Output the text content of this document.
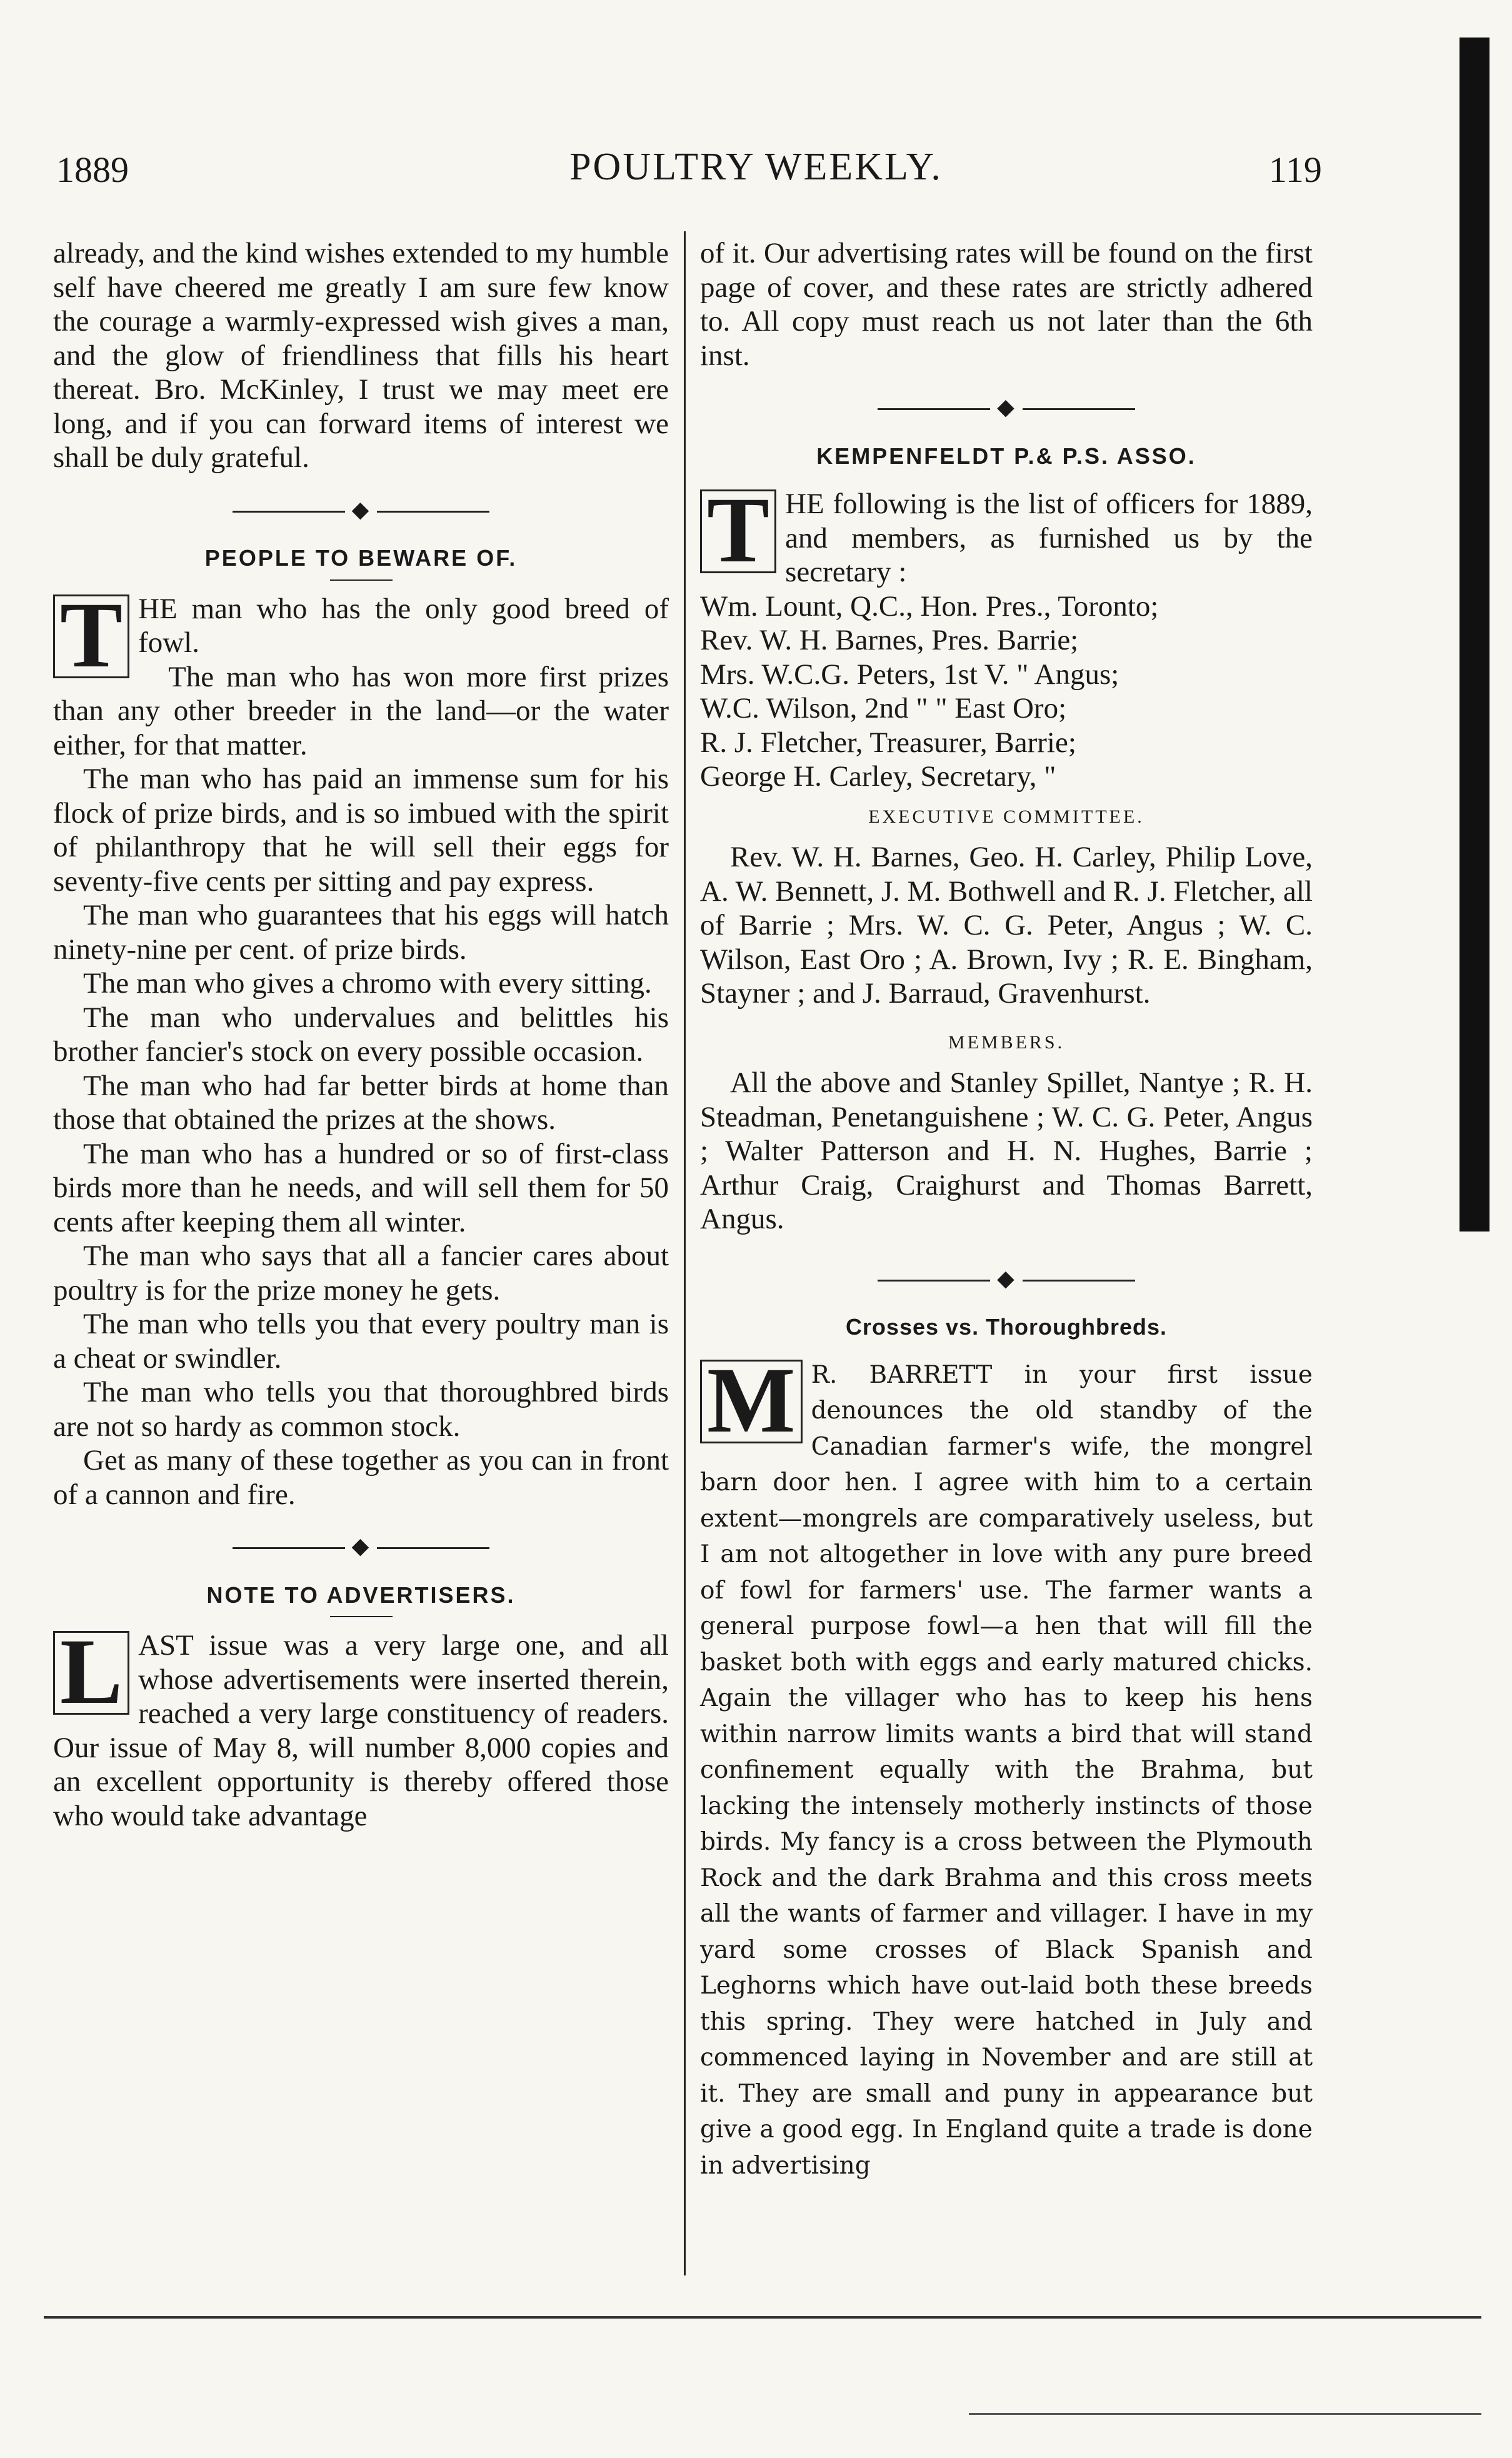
1889	POULTRY WEEKLY.	119

already, and the kind wishes extended to my humble self have cheered me greatly I am sure few know the courage a warmly-expressed wish gives a man, and the glow of friendliness that fills his heart thereat. Bro. McKinley, I trust we may meet ere long, and if you can forward items of interest we shall be duly grateful.

◆
PEOPLE TO BEWARE OF.

T HE man who has the only good breed of fowl.

The man who has won more first prizes than any other breeder in the land—or the water either, for that matter.

The man who has paid an immense sum for his flock of prize birds, and is so imbued with the spirit of philanthropy that he will sell their eggs for seventy-five cents per sitting and pay express.

The man who guarantees that his eggs will hatch ninety-nine per cent. of prize birds.

The man who gives a chromo with every sitting.

The man who undervalues and belittles his brother fancier's stock on every possible occasion.

The man who had far better birds at home than those that obtained the prizes at the shows.

The man who has a hundred or so of first-class birds more than he needs, and will sell them for 50 cents after keeping them all winter.

The man who says that all a fancier cares about poultry is for the prize money he gets.

The man who tells you that every poultry man is a cheat or swindler.

The man who tells you that thoroughbred birds are not so hardy as common stock.

Get as many of these together as you can in front of a cannon and fire.

◆
NOTE TO ADVERTISERS.

L AST issue was a very large one, and all whose advertisements were inserted therein, reached a very large constituency of readers. Our issue of May 8, will number 8,000 copies and an excellent opportunity is thereby offered those who would take advantage

of it. Our advertising rates will be found on the first page of cover, and these rates are strictly adhered to. All copy must reach us not later than the 6th inst.

◆
KEMPENFELDT P.& P.S. ASSO.

T HE following is the list of officers for 1889, and members, as furnished us by the secretary :

Wm. Lount, Q.C., Hon. Pres., Toronto;

Rev. W. H. Barnes, Pres. Barrie;

Mrs. W.C.G. Peters, 1st V. " Angus;

W.C. Wilson, 2nd " " East Oro;

R. J. Fletcher, Treasurer, Barrie;

George H. Carley, Secretary, "

EXECUTIVE COMMITTEE.

Rev. W. H. Barnes, Geo. H. Carley, Philip Love, A. W. Bennett, J. M. Bothwell and R. J. Fletcher, all of Barrie ; Mrs. W. C. G. Peter, Angus ; W. C. Wilson, East Oro ; A. Brown, Ivy ; R. E. Bingham, Stayner ; and J. Barraud, Gravenhurst.

MEMBERS.

All the above and Stanley Spillet, Nantye ; R. H. Steadman, Penetanguishene ; W. C. G. Peter, Angus ; Walter Patterson and H. N. Hughes, Barrie ; Arthur Craig, Craighurst and Thomas Barrett, Angus.

◆
Crosses vs. Thoroughbreds.

M R. BARRETT in your first issue denounces the old standby of the Canadian farmer's wife, the mongrel barn door hen. I agree with him to a certain extent—mongrels are comparatively useless, but I am not altogether in love with any pure breed of fowl for farmers' use. The farmer wants a general purpose fowl—a hen that will fill the basket both with eggs and early matured chicks. Again the villager who has to keep his hens within narrow limits wants a bird that will stand confinement equally with the Brahma, but lacking the intensely motherly instincts of those birds. My fancy is a cross between the Plymouth Rock and the dark Brahma and this cross meets all the wants of farmer and villager. I have in my yard some crosses of Black Spanish and Leghorns which have out-laid both these breeds this spring. They were hatched in July and commenced laying in November and are still at it. They are small and puny in appearance but give a good egg. In England quite a trade is done in advertising
